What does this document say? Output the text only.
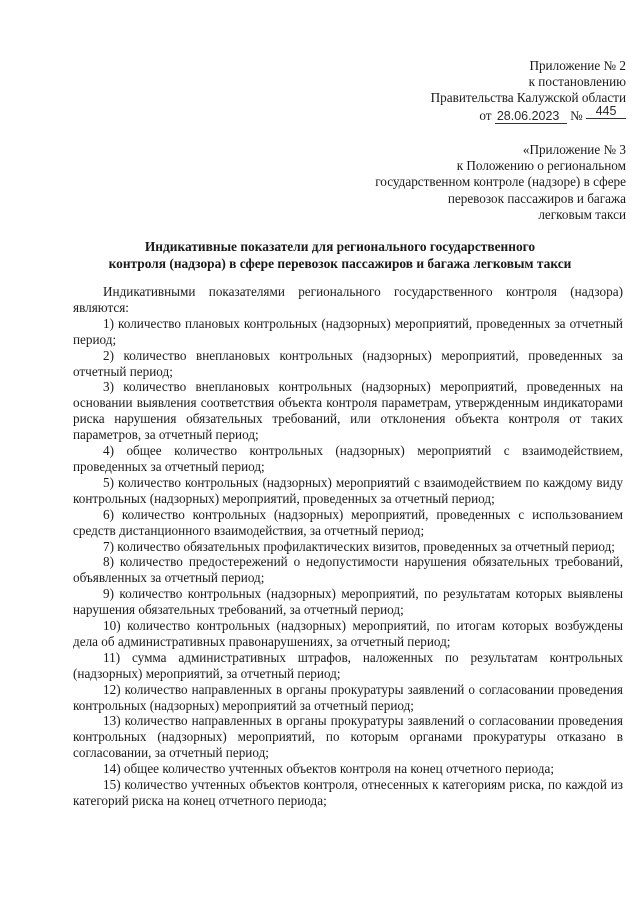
Приложение № 2
к постановлению
Правительства Калужской области
от 28.06.2023 № 445
«Приложение № 3
к Положению о региональном
государственном контроле (надзоре) в сфере
перевозок пассажиров и багажа
легковым такси
Индикативные показатели для регионального государственного
контроля (надзора) в сфере перевозок пассажиров и багажа легковым такси

Индикативными показателями регионального государственного контроля (надзора) являются:

1) количество плановых контрольных (надзорных) мероприятий, проведенных за отчетный период;

2) количество внеплановых контрольных (надзорных) мероприятий, проведенных за отчетный период;

3) количество внеплановых контрольных (надзорных) мероприятий, проведенных на основании выявления соответствия объекта контроля параметрам, утвержденным индикаторами риска нарушения обязательных требований, или отклонения объекта контроля от таких параметров, за отчетный период;

4) общее количество контрольных (надзорных) мероприятий с взаимодействием, проведенных за отчетный период;

5) количество контрольных (надзорных) мероприятий с взаимодействием по каждому виду контрольных (надзорных) мероприятий, проведенных за отчетный период;

6) количество контрольных (надзорных) мероприятий, проведенных с использованием средств дистанционного взаимодействия, за отчетный период;

7) количество обязательных профилактических визитов, проведенных за отчетный период;

8) количество предостережений о недопустимости нарушения обязательных требований, объявленных за отчетный период;

9) количество контрольных (надзорных) мероприятий, по результатам которых выявлены нарушения обязательных требований, за отчетный период;

10) количество контрольных (надзорных) мероприятий, по итогам которых возбуждены дела об административных правонарушениях, за отчетный период;

11) сумма административных штрафов, наложенных по результатам контрольных (надзорных) мероприятий, за отчетный период;

12) количество направленных в органы прокуратуры заявлений о согласовании проведения контрольных (надзорных) мероприятий за отчетный период;

13) количество направленных в органы прокуратуры заявлений о согласовании проведения контрольных (надзорных) мероприятий, по которым органами прокуратуры отказано в согласовании, за отчетный период;

14) общее количество учтенных объектов контроля на конец отчетного периода;

15) количество учтенных объектов контроля, отнесенных к категориям риска, по каждой из категорий риска на конец отчетного периода;
